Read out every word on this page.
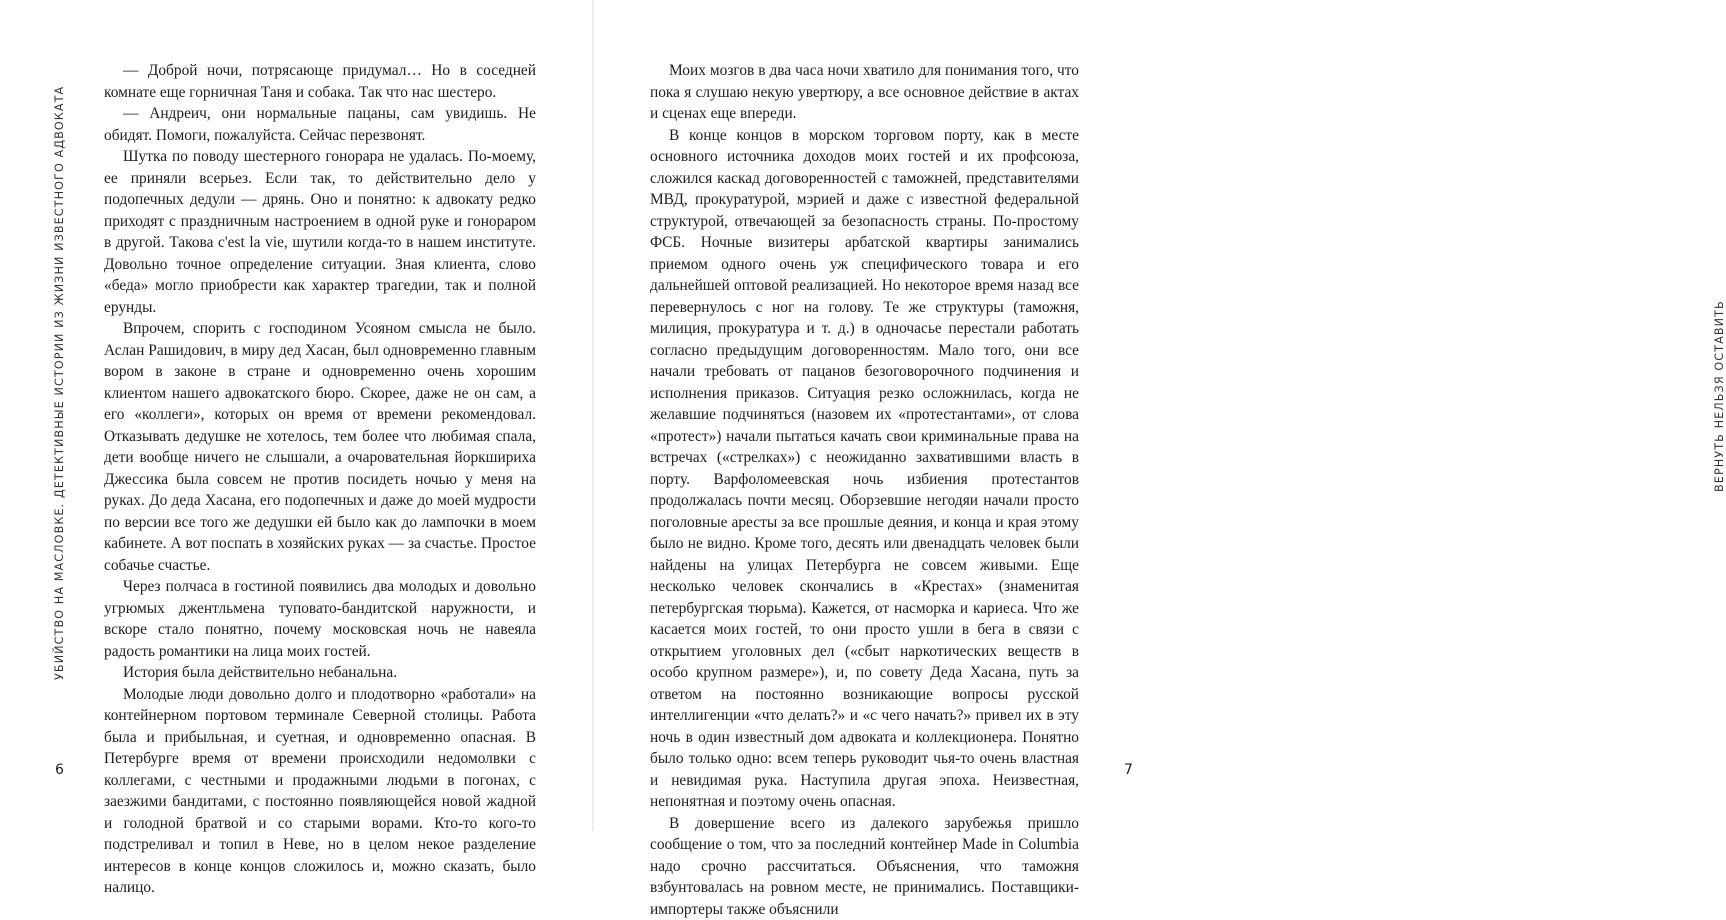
УБИЙСТВО НА МАСЛОВКЕ. ДЕТЕКТИВНЫЕ ИСТОРИИ ИЗ ЖИЗНИ ИЗВЕСТНОГО АДВОКАТА

— Доброй ночи, потрясающе придумал… Но в соседней комнате еще горничная Таня и собака. Так что нас шестеро.

— Андреич, они нормальные пацаны, сам увидишь. Не обидят. Помоги, пожалуйста. Сейчас перезвонят.

Шутка по поводу шестерного гонорара не удалась. По-моему, ее приняли всерьез. Если так, то действительно дело у подопечных дедули — дрянь. Оно и понятно: к адвокату редко приходят с праздничным настроением в одной руке и гонораром в другой. Такова c'est la vie, шутили когда-то в нашем институте. Довольно точное определение ситуации. Зная клиента, слово «беда» могло приобрести как характер трагедии, так и полной ерунды.

Впрочем, спорить с господином Усояном смысла не было. Аслан Рашидович, в миру дед Хасан, был одновременно главным вором в законе в стране и одновременно очень хорошим клиентом нашего адвокатского бюро. Скорее, даже не он сам, а его «коллеги», которых он время от времени рекомендовал. Отказывать дедушке не хотелось, тем более что любимая спала, дети вообще ничего не слышали, а очаровательная йоркшириха Джессика была совсем не против посидеть ночью у меня на руках. До деда Хасана, его подопечных и даже до моей мудрости по версии все того же дедушки ей было как до лампочки в моем кабинете. А вот поспать в хозяйских руках — за счастье. Простое собачье счастье.

Через полчаса в гостиной появились два молодых и довольно угрюмых джентльмена туповато-бандитской наружности, и вскоре стало понятно, почему московская ночь не навеяла радость романтики на лица моих гостей.

История была действительно небанальна.

Молодые люди довольно долго и плодотворно «работали» на контейнерном портовом терминале Северной столицы. Работа была и прибыльная, и суетная, и одновременно опасная. В Петербурге время от времени происходили недомолвки с коллегами, с честными и продажными людьми в погонах, с заезжими бандитами, с постоянно появляющейся новой жадной и голодной братвой и со старыми ворами. Кто-то кого-то подстреливал и топил в Неве, но в целом некое разделение интересов в конце концов сложилось и, можно сказать, было налицо.

6

Моих мозгов в два часа ночи хватило для понимания того, что пока я слушаю некую увертюру, а все основное действие в актах и сценах еще впереди.

В конце концов в морском торговом порту, как в месте основного источника доходов моих гостей и их профсоюза, сложился каскад договоренностей с таможней, представителями МВД, прокуратурой, мэрией и даже с известной федеральной структурой, отвечающей за безопасность страны. По-простому ФСБ. Ночные визитеры арбатской квартиры занимались приемом одного очень уж специфического товара и его дальнейшей оптовой реализацией. Но некоторое время назад все перевернулось с ног на голову. Те же структуры (таможня, милиция, прокуратура и т. д.) в одночасье перестали работать согласно предыдущим договоренностям. Мало того, они все начали требовать от пацанов безоговорочного подчинения и исполнения приказов. Ситуация резко осложнилась, когда не желавшие подчиняться (назовем их «протестантами», от слова «протест») начали пытаться качать свои криминальные права на встречах («стрелках») с неожиданно захватившими власть в порту. Варфоломеевская ночь избиения протестантов продолжалась почти месяц. Оборзевшие негодяи начали просто поголовные аресты за все прошлые деяния, и конца и края этому было не видно. Кроме того, десять или двенадцать человек были найдены на улицах Петербурга не совсем живыми. Еще несколько человек скончались в «Крестах» (знаменитая петербургская тюрьма). Кажется, от насморка и кариеса. Что же касается моих гостей, то они просто ушли в бега в связи с открытием уголовных дел («сбыт наркотических веществ в особо крупном размере»), и, по совету Деда Хасана, путь за ответом на постоянно возникающие вопросы русской интеллигенции «что делать?» и «с чего начать?» привел их в эту ночь в один известный дом адвоката и коллекционера. Понятно было только одно: всем теперь руководит чья-то очень властная и невидимая рука. Наступила другая эпоха. Неизвестная, непонятная и поэтому очень опасная.

В довершение всего из далекого зарубежья пришло сообщение о том, что за последний контейнер Made in Columbia надо срочно рассчитаться. Объяснения, что таможня взбунтовалась на ровном месте, не принимались. Поставщики-импортеры также объяснили

7
ВЕРНУТЬ НЕЛЬЗЯ ОСТАВИТЬ
